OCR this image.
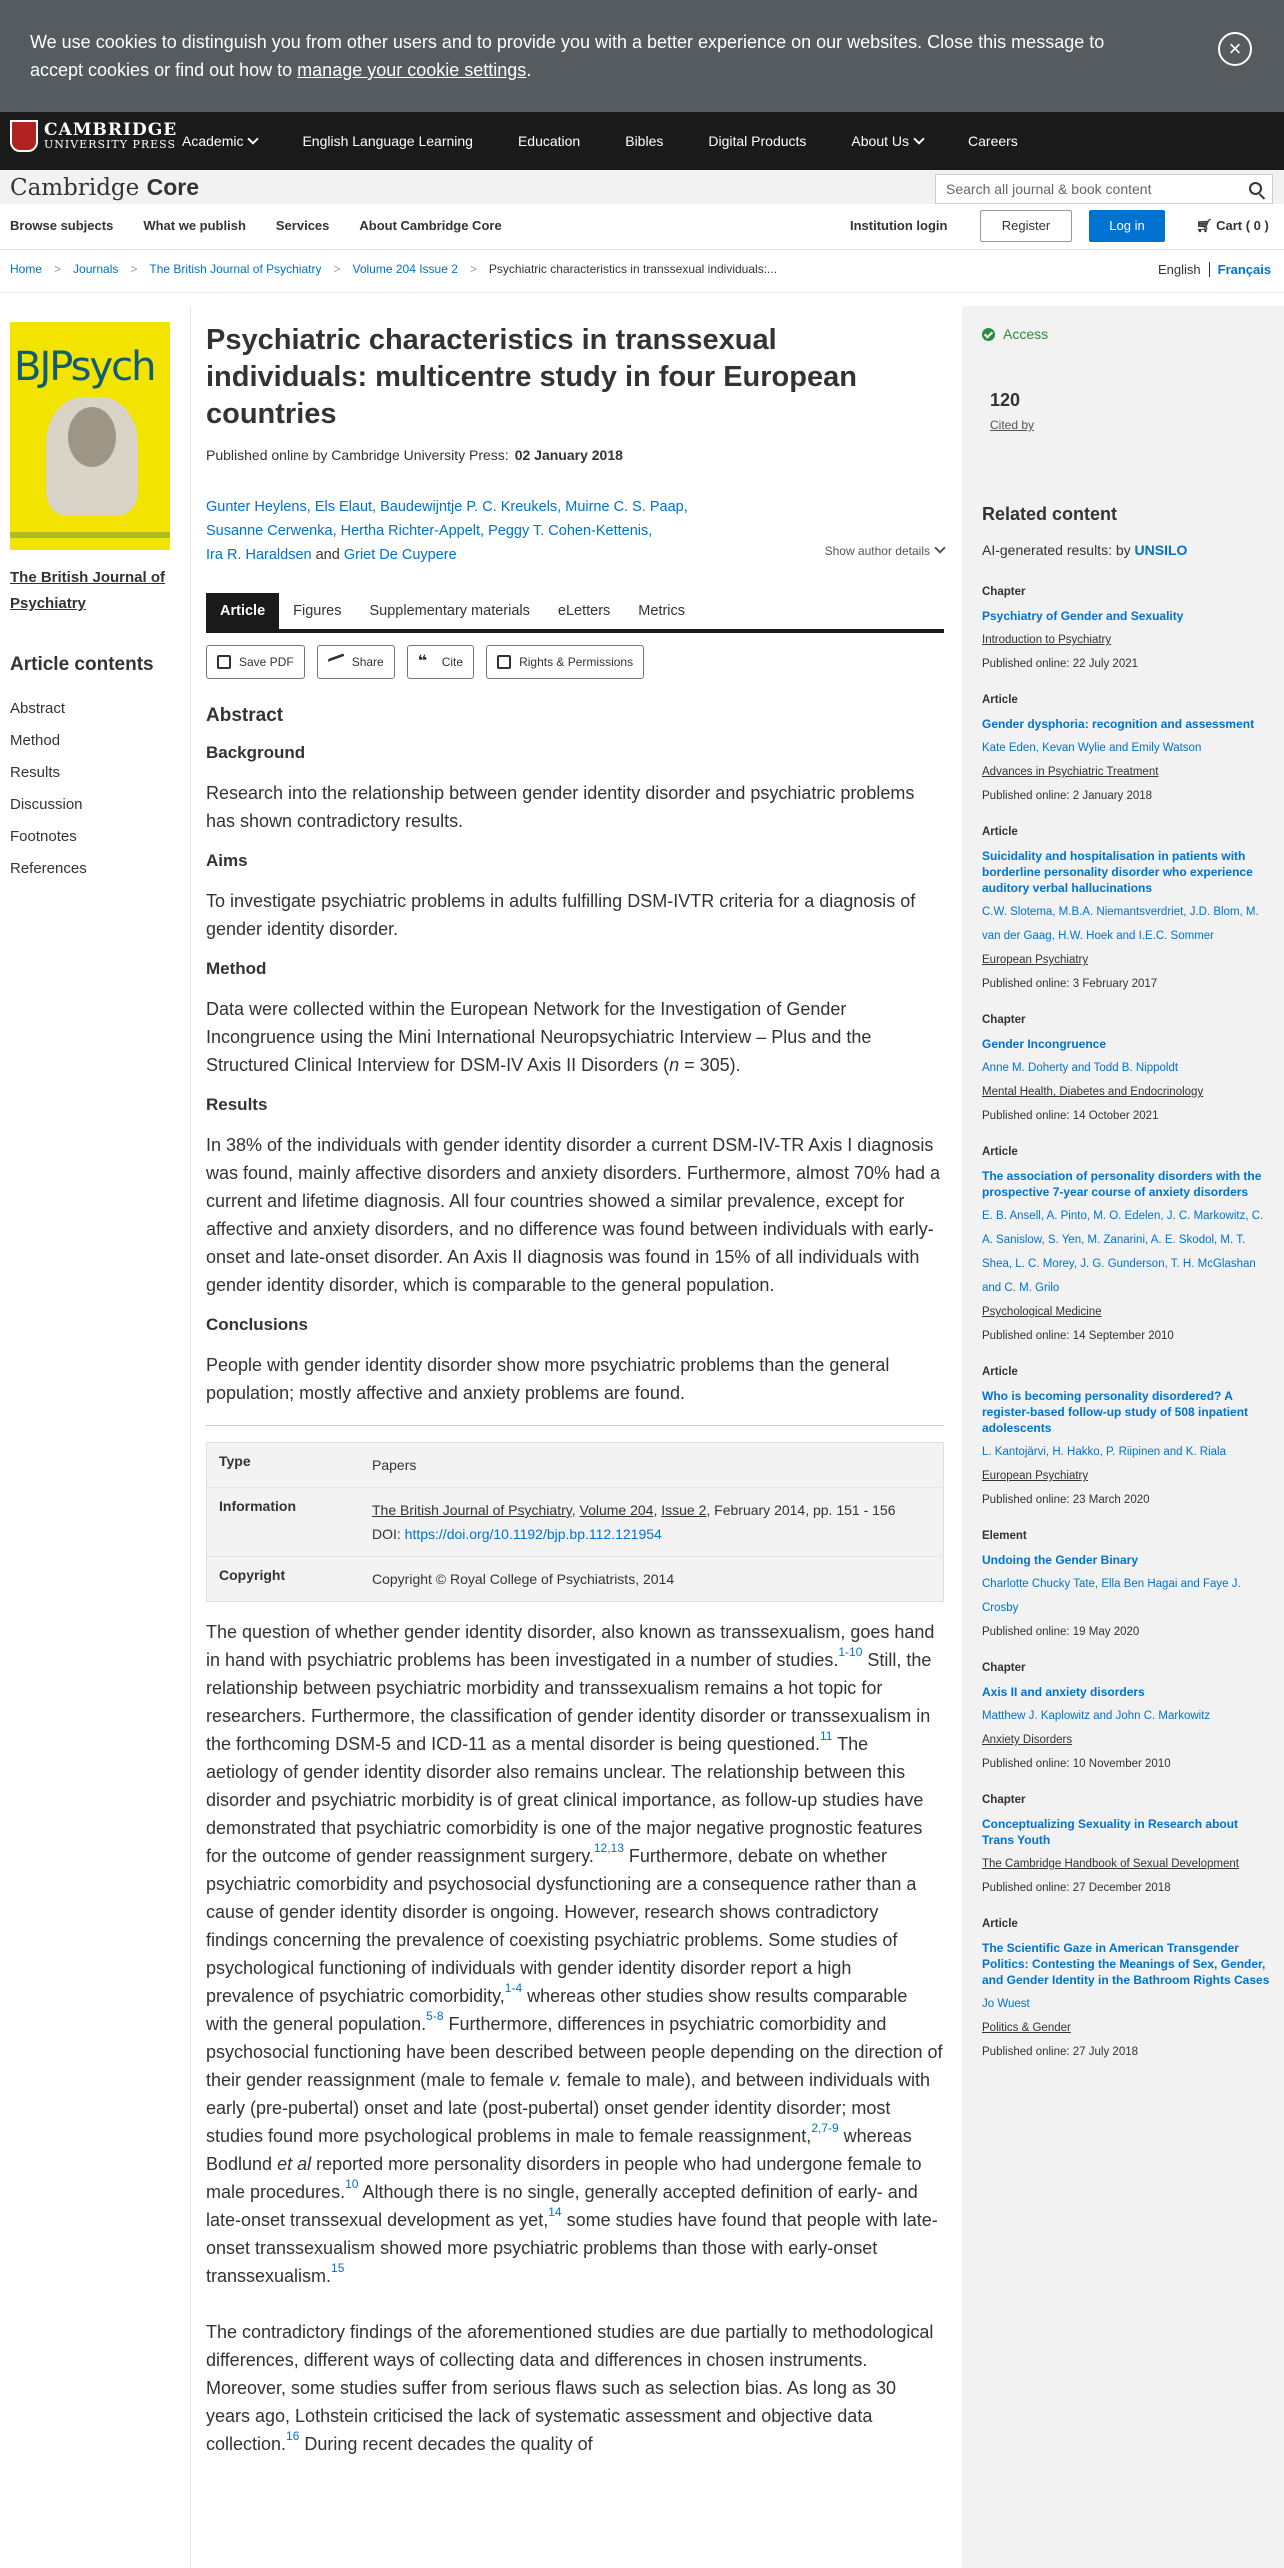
We use cookies to distinguish you from other users and to provide you with a better experience on our websites. Close this message to accept cookies or find out how to manage your cookie settings.
×
CAMBRIDGE
UNIVERSITY PRESS Academic	English Language Learning	Education	Bibles	Digital Products	About Us	Careers
Cambridge Core	Search all journal & book content
Browse subjects What we publish Services About Cambridge Core	Institution login	Register	Log in	🛒︎ Cart ( 0 )
Home > Journals > The British Journal of Psychiatry > Volume 204 Issue 2 > Psychiatric characteristics in transsexual individuals:...	English	Français
BJPsych
The British Journal of Psychiatry
Article contents
Abstract
Method
Results
Discussion
Footnotes
References
Psychiatric characteristics in transsexual individuals: multicentre study in four European countries
Published online by Cambridge University Press: 02 January 2018
Gunter Heylens, Els Elaut, Baudewijntje P. C. Kreukels, Muirne C. S. Paap,
Susanne Cerwenka, Hertha Richter-Appelt, Peggy T. Cohen-Kettenis,
Ira R. Haraldsen and Griet De Cuypere	Show author details
Article	Figures	Supplementary materials	eLetters	Metrics
Save PDF	Share ❝	Cite	Rights & Permissions
Abstract
Background

Research into the relationship between gender identity disorder and psychiatric problems has shown contradictory results.

Aims

To investigate psychiatric problems in adults fulfilling DSM-IVTR criteria for a diagnosis of gender identity disorder.

Method

Data were collected within the European Network for the Investigation of Gender Incongruence using the Mini International Neuropsychiatric Interview – Plus and the Structured Clinical Interview for DSM-IV Axis II Disorders (n = 305).

Results

In 38% of the individuals with gender identity disorder a current DSM-IV-TR Axis I diagnosis was found, mainly affective disorders and anxiety disorders. Furthermore, almost 70% had a current and lifetime diagnosis. All four countries showed a similar prevalence, except for affective and anxiety disorders, and no difference was found between individuals with early-onset and late-onset disorder. An Axis II diagnosis was found in 15% of all individuals with gender identity disorder, which is comparable to the general population.

Conclusions

People with gender identity disorder show more psychiatric problems than the general population; mostly affective and anxiety problems are found.

Type	Papers
Information	The British Journal of Psychiatry, Volume 204, Issue 2, February 2014, pp. 151 - 156
DOI: https://doi.org/10.1192/bjp.bp.112.121954
Copyright	Copyright © Royal College of Psychiatrists, 2014

The question of whether gender identity disorder, also known as transsexualism, goes hand in hand with psychiatric problems has been investigated in a number of studies.$^{1-10}$ Still, the relationship between psychiatric morbidity and transsexualism remains a hot topic for researchers. Furthermore, the classification of gender identity disorder or transsexualism in the forthcoming DSM-5 and ICD-11 as a mental disorder is being questioned.$^{11}$ The aetiology of gender identity disorder also remains unclear. The relationship between this disorder and psychiatric morbidity is of great clinical importance, as follow-up studies have demonstrated that psychiatric comorbidity is one of the major negative prognostic features for the outcome of gender reassignment surgery.$^{12,13}$ Furthermore, debate on whether psychiatric comorbidity and psychosocial dysfunctioning are a consequence rather than a cause of gender identity disorder is ongoing. However, research shows contradictory findings concerning the prevalence of coexisting psychiatric problems. Some studies of psychological functioning of individuals with gender identity disorder report a high prevalence of psychiatric comorbidity,$^{1-4}$ whereas other studies show results comparable with the general population.$^{5-8}$ Furthermore, differences in psychiatric comorbidity and psychosocial functioning have been described between people depending on the direction of their gender reassignment (male to female v. female to male), and between individuals with early (pre-pubertal) onset and late (post-pubertal) onset gender identity disorder; most studies found more psychological problems in male to female reassignment,$^{2,7-9}$ whereas Bodlund et al reported more personality disorders in people who had undergone female to male procedures.$^{10}$ Although there is no single, generally accepted definition of early- and late-onset transsexual development as yet,$^{14}$ some studies have found that people with late-onset transsexualism showed more psychiatric problems than those with early-onset transsexualism.$^{15}$

The contradictory findings of the aforementioned studies are due partially to methodological differences, different ways of collecting data and differences in chosen instruments. Moreover, some studies suffer from serious flaws such as selection bias. As long as 30 years ago, Lothstein criticised the lack of systematic assessment and objective data collection.$^{16}$ During recent decades the quality of

Access
120
Cited by
Related content
AI-generated results: by UNSILO
Chapter
Psychiatry of Gender and Sexuality
Introduction to Psychiatry
Published online: 22 July 2021
Article
Gender dysphoria: recognition and assessment
Kate Eden, Kevan Wylie and Emily Watson
Advances in Psychiatric Treatment
Published online: 2 January 2018
Article
Suicidality and hospitalisation in patients with borderline personality disorder who experience auditory verbal hallucinations
C.W. Slotema, M.B.A. Niemantsverdriet, J.D. Blom, M. van der Gaag, H.W. Hoek and I.E.C. Sommer
European Psychiatry
Published online: 3 February 2017
Chapter
Gender Incongruence
Anne M. Doherty and Todd B. Nippoldt
Mental Health, Diabetes and Endocrinology
Published online: 14 October 2021
Article
The association of personality disorders with the prospective 7-year course of anxiety disorders
E. B. Ansell, A. Pinto, M. O. Edelen, J. C. Markowitz, C. A. Sanislow, S. Yen, M. Zanarini, A. E. Skodol, M. T. Shea, L. C. Morey, J. G. Gunderson, T. H. McGlashan and C. M. Grilo
Psychological Medicine
Published online: 14 September 2010
Article
Who is becoming personality disordered? A register-based follow-up study of 508 inpatient adolescents
L. Kantojärvi, H. Hakko, P. Riipinen and K. Riala
European Psychiatry
Published online: 23 March 2020
Element
Undoing the Gender Binary
Charlotte Chucky Tate, Ella Ben Hagai and Faye J. Crosby
Published online: 19 May 2020
Chapter
Axis II and anxiety disorders
Matthew J. Kaplowitz and John C. Markowitz
Anxiety Disorders
Published online: 10 November 2010
Chapter
Conceptualizing Sexuality in Research about Trans Youth
The Cambridge Handbook of Sexual Development
Published online: 27 December 2018
Article
The Scientific Gaze in American Transgender Politics: Contesting the Meanings of Sex, Gender, and Gender Identity in the Bathroom Rights Cases
Jo Wuest
Politics & Gender
Published online: 27 July 2018
